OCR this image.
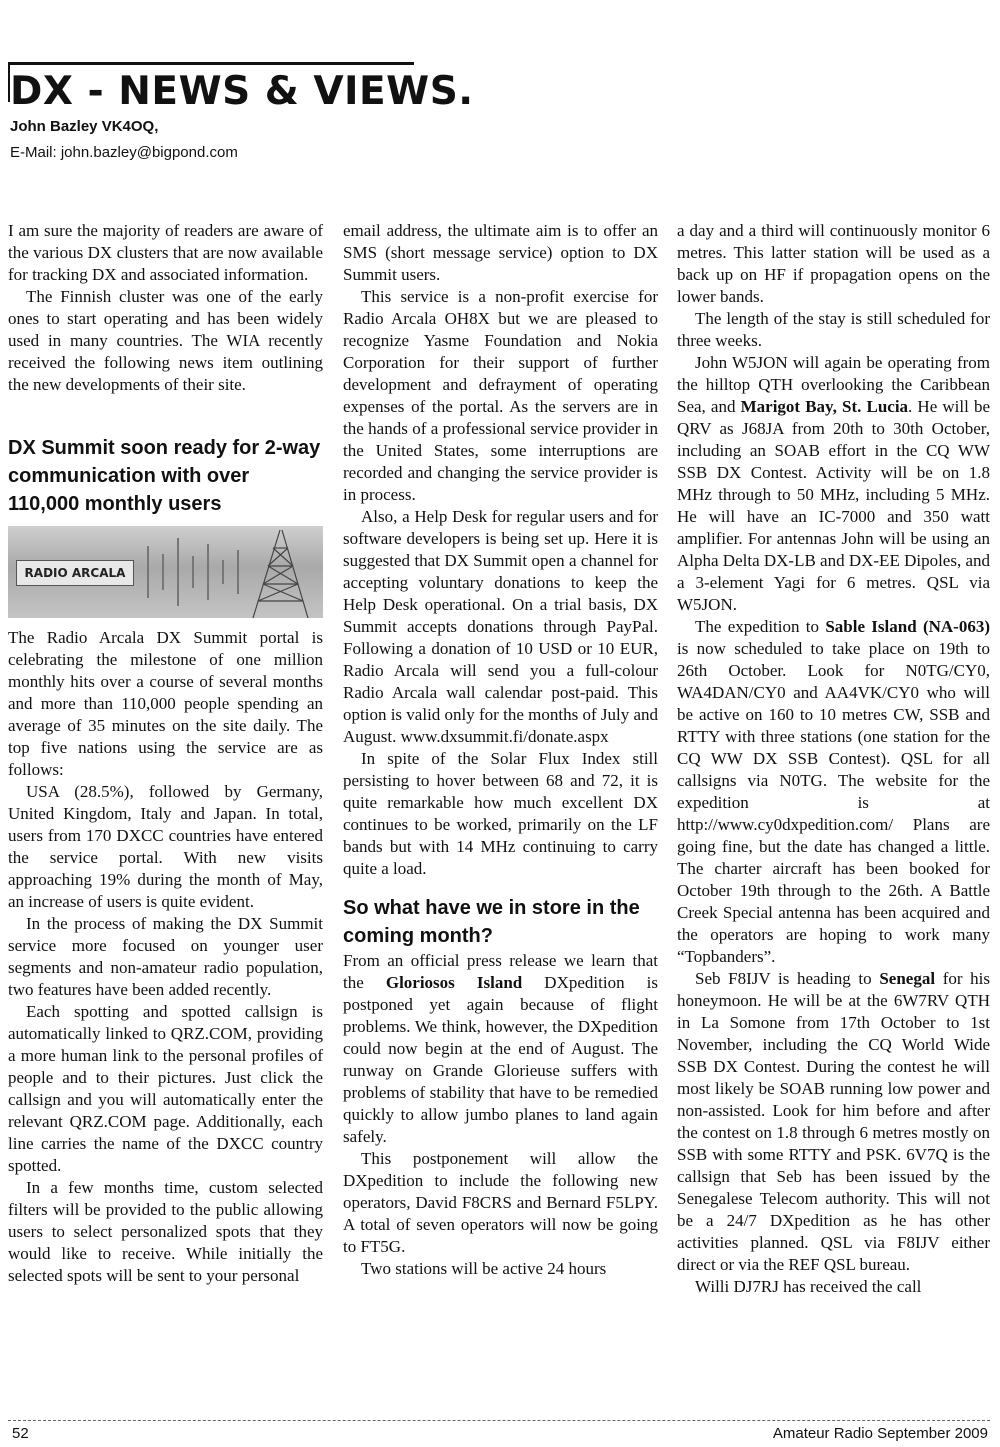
DX - NEWS & VIEWS.
John Bazley VK4OQ,
E-Mail: john.bazley@bigpond.com

I am sure the majority of readers are aware of the various DX clusters that are now available for tracking DX and associated information.

The Finnish cluster was one of the early ones to start operating and has been widely used in many countries. The WIA recently received the following news item outlining the new developments of their site.

DX Summit soon ready for 2-way communication with over 110,000 monthly users
RADIO ARCALA

The Radio Arcala DX Summit portal is celebrating the milestone of one million monthly hits over a course of several months and more than 110,000 people spending an average of 35 minutes on the site daily. The top five nations using the service are as follows:

USA (28.5%), followed by Germany, United Kingdom, Italy and Japan. In total, users from 170 DXCC countries have entered the service portal. With new visits approaching 19% during the month of May, an increase of users is quite evident.

In the process of making the DX Summit service more focused on younger user segments and non-amateur radio population, two features have been added recently.

Each spotting and spotted callsign is automatically linked to QRZ.COM, providing a more human link to the personal profiles of people and to their pictures. Just click the callsign and you will automatically enter the relevant QRZ.COM page. Additionally, each line carries the name of the DXCC country spotted.

In a few months time, custom selected filters will be provided to the public allowing users to select personalized spots that they would like to receive. While initially the selected spots will be sent to your personal

email address, the ultimate aim is to offer an SMS (short message service) option to DX Summit users.

This service is a non-profit exercise for Radio Arcala OH8X but we are pleased to recognize Yasme Foundation and Nokia Corporation for their support of further development and defrayment of operating expenses of the portal. As the servers are in the hands of a professional service provider in the United States, some interruptions are recorded and changing the service provider is in process.

Also, a Help Desk for regular users and for software developers is being set up. Here it is suggested that DX Summit open a channel for accepting voluntary donations to keep the Help Desk operational. On a trial basis, DX Summit accepts donations through PayPal. Following a donation of 10 USD or 10 EUR, Radio Arcala will send you a full-colour Radio Arcala wall calendar post-paid. This option is valid only for the months of July and August. www.dxsummit.fi/donate.aspx

In spite of the Solar Flux Index still persisting to hover between 68 and 72, it is quite remarkable how much excellent DX continues to be worked, primarily on the LF bands but with 14 MHz continuing to carry quite a load.

So what have we in store in the coming month?

From an official press release we learn that the Gloriosos Island DXpedition is postponed yet again because of flight problems. We think, however, the DXpedition could now begin at the end of August. The runway on Grande Glorieuse suffers with problems of stability that have to be remedied quickly to allow jumbo planes to land again safely.

This postponement will allow the DXpedition to include the following new operators, David F8CRS and Bernard F5LPY. A total of seven operators will now be going to FT5G.

Two stations will be active 24 hours

a day and a third will continuously monitor 6 metres. This latter station will be used as a back up on HF if propagation opens on the lower bands.

The length of the stay is still scheduled for three weeks.

John W5JON will again be operating from the hilltop QTH overlooking the Caribbean Sea, and Marigot Bay, St. Lucia. He will be QRV as J68JA from 20th to 30th October, including an SOAB effort in the CQ WW SSB DX Contest. Activity will be on 1.8 MHz through to 50 MHz, including 5 MHz. He will have an IC-7000 and 350 watt amplifier. For antennas John will be using an Alpha Delta DX-LB and DX-EE Dipoles, and a 3-element Yagi for 6 metres. QSL via W5JON.

The expedition to Sable Island (NA-063) is now scheduled to take place on 19th to 26th October. Look for N0TG/CY0, WA4DAN/CY0 and AA4VK/CY0 who will be active on 160 to 10 metres CW, SSB and RTTY with three stations (one station for the CQ WW DX SSB Contest). QSL for all callsigns via N0TG. The website for the expedition is at http://www.cy0dxpedition.com/ Plans are going fine, but the date has changed a little. The charter aircraft has been booked for October 19th through to the 26th. A Battle Creek Special antenna has been acquired and the operators are hoping to work many “Topbanders”.

Seb F8IJV is heading to Senegal for his honeymoon. He will be at the 6W7RV QTH in La Somone from 17th October to 1st November, including the CQ World Wide SSB DX Contest. During the contest he will most likely be SOAB running low power and non-assisted. Look for him before and after the contest on 1.8 through 6 metres mostly on SSB with some RTTY and PSK. 6V7Q is the callsign that Seb has been issued by the Senegalese Telecom authority. This will not be a 24/7 DXpedition as he has other activities planned. QSL via F8IJV either direct or via the REF QSL bureau.

Willi DJ7RJ has received the call

52	Amateur Radio September 2009
